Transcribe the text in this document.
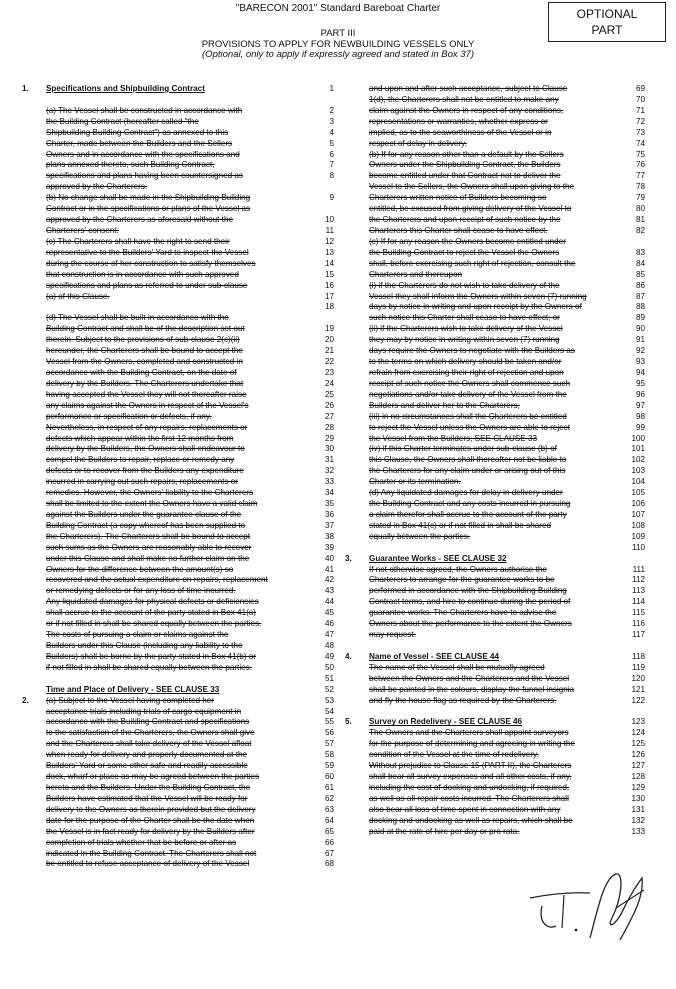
"BARECON 2001" Standard Bareboat Charter	OPTIONAL
PART
PART III
PROVISIONS TO APPLY FOR NEWBUILDING VESSELS ONLY
(Optional, only to apply if expressly agreed and stated in Box 37)
1.	Specifications and Shipbuilding Contract	1
(a) The Vessel shall be constructed in accordance with	2
the Building Contract (hereafter called "the	3
Shipbuilding Building Contract") as annexed to this	4
Charter, made between the Builders and the Sellers	5
Owners and in accordance with the specifications and	6
plans annexed thereto, such Building Contract,	7
specifications and plans having been countersigned as	8
approved by the Charterers.
(b) No change shall be made in the Shipbuilding Building	9
Contract or in the specifications or plans of the Vessel as
approved by the Charterers as aforesaid without the	10
Charterers' consent.	11
(c) The Charterers shall have the right to send their	12
representative to the Builders' Yard to inspect the Vessel	13
during the course of her construction to satisfy themselves	14
that construction is in accordance with such approved	15
specifications and plans as referred to under sub-clause	16
(a) of this Clause.	17
18
(d) The Vessel shall be built in accordance with the
Building Contract and shall be of the description set out	19
therein. Subject to the provisions of sub-clause 2(c)(ii)	20
hereunder, the Charterers shall be bound to accept the	21
Vessel from the Owners, completed and constructed in	22
accordance with the Building Contract, on the date of	23
delivery by the Builders. The Charterers undertake that	24
having accepted the Vessel they will not thereafter raise	25
any claims against the Owners in respect of the Vessel's	26
performance or specification or defects, if any.	27
Nevertheless, in respect of any repairs, replacements or	28
defects which appear within the first 12 months from	29
delivery by the Builders, the Owners shall endeavour to	30
compel the Builders to repair, replace or remedy any	31
defects or to recover from the Builders any expenditure	32
incurred in carrying out such repairs, replacements or	33
remedies. However, the Owners' liability to the Charterers	34
shall be limited to the extent the Owners have a valid claim	35
against the Builders under the guarantee clause of the	36
Building Contract (a copy whereof has been supplied to	37
the Charterers). The Charterers shall be bound to accept	38
such sums as the Owners are reasonably able to recover	39
under this Clause and shall make no further claim on the	40
Owners for the difference between the amount(s) so	41
recovered and the actual expenditure on repairs, replacement	42
or remedying defects or for any loss of time incurred.	43
Any liquidated damages for physical defects or deficiencies	44
shall accrue to the account of the party stated in Box 41(a)	45
or if not filled in shall be shared equally between the parties.	46
The costs of pursuing a claim or claims against the	47
Builders under this Clause (including any liability to the	48
Builders) shall be borne by the party stated in Box 41(b) or	49
if not filled in shall be shared equally between the parties.	50
51
Time and Place of Delivery - SEE CLAUSE 33	52
2.	(a) Subject to the Vessel having completed her	53
acceptance trials including trials of cargo equipment in	54
accordance with the Building Contract and specifications	55
to the satisfaction of the Charterers, the Owners shall give	56
and the Charterers shall take delivery of the Vessel afloat	57
when ready for delivery and properly documented at the	58
Builders' Yard or some other safe and readily accessible	59
dock, wharf or place as may be agreed between the parties	60
hereto and the Builders. Under the Building Contract, the	61
Builders have estimated that the Vessel will be ready for	62
delivery to the Owners as therein provided but the delivery	63
date for the purpose of the Charter shall be the date when	64
the Vessel is in fact ready for delivery by the Builders after	65
completion of trials whether that be before or after as	66
indicated in the Building Contract. The Charterers shall not	67
be entitled to refuse acceptance of delivery of the Vessel	68
and upon and after such acceptance, subject to Clause	69
1(d), the Charterers shall not be entitled to make any	70
claim against the Owners in respect of any conditions,	71
representations or warranties, whether express or	72
implied, as to the seaworthiness of the Vessel or in	73
respect of delay in delivery.	74
(b) If for any reason other than a default by the Sellers	75
Owners under the Shipbuilding Contract, the Builders	76
become entitled under that Contract not to deliver the	77
Vessel to the Sellers, the Owners shall upon giving to the	78
Charterers written notice of Builders becoming so	79
entitled, be excused from giving delivery of the Vessel to	80
the Charterers and upon receipt of such notice by the	81
Charterers this Charter shall cease to have effect.	82
(c) If for any reason the Owners become entitled under
the Building Contract to reject the Vessel the Owners	83
shall, before exercising such right of rejection, consult the	84
Charterers and thereupon	85
(i) if the Charterers do not wish to take delivery of the	86
Vessel they shall inform the Owners within seven (7) running	87
days by notice in writing and upon receipt by the Owners of	88
such notice this Charter shall cease to have effect; or	89
(ii) if the Charterers wish to take delivery of the Vessel	90
they may by notice in writing within seven (7) running	91
days require the Owners to negotiate with the Builders as	92
to the terms on which delivery should be taken and/or	93
refrain from exercising their right of rejection and upon	94
receipt of such notice the Owners shall commence such	95
negotiations and/or take delivery of the Vessel from the	96
Builders and deliver her to the Charterers;	97
(iii) in no circumstances shall the Charterers be entitled	98
to reject the Vessel unless the Owners are able to reject	99
the Vessel from the Builders; SEE CLAUSE 33	100
(iv) if this Charter terminates under sub-clause (b) of	101
this Clause, the Owners shall thereafter not be liable to	102
the Charterers for any claim under or arising out of this	103
Charter or its termination.	104
(d) Any liquidated damages for delay in delivery under	105
the Building Contract and any costs incurred in pursuing	106
a claim therefor shall accrue to the account of the party	107
stated in Box 41(c) or if not filled in shall be shared	108
equally between the parties.	109
110
3.	Guarantee Works - SEE CLAUSE 32
If not otherwise agreed, the Owners authorise the	111
Charterers to arrange for the guarantee works to be	112
performed in accordance with the Shipbuilding Building	113
Contract terms, and hire to continue during the period of	114
guarantee works. The Charterers have to advise the	115
Owners about the performance to the extent the Owners	116
may request.	117
4.	Name of Vessel - SEE CLAUSE 44	118
The name of the Vessel shall be mutually agreed	119
between the Owners and the Charterers and the Vessel	120
shall be painted in the colours, display the funnel insignia	121
and fly the house flag as required by the Charterers.	122
5.	Survey on Redelivery - SEE CLAUSE 46	123
The Owners and the Charterers shall appoint surveyors	124
for the purpose of determining and agreeing in writing the	125
condition of the Vessel at the time of redelivery.	126
Without prejudice to Clause 15 (PART II), the Charterers	127
shall bear all survey expenses and all other costs, if any,	128
including the cost of docking and undocking, if required,	129
as well as all repair costs incurred. The Charterers shall	130
also bear all loss of time spent in connection with any	131
docking and undocking as well as repairs, which shall be	132
paid at the rate of hire per day or pro rata.	133
